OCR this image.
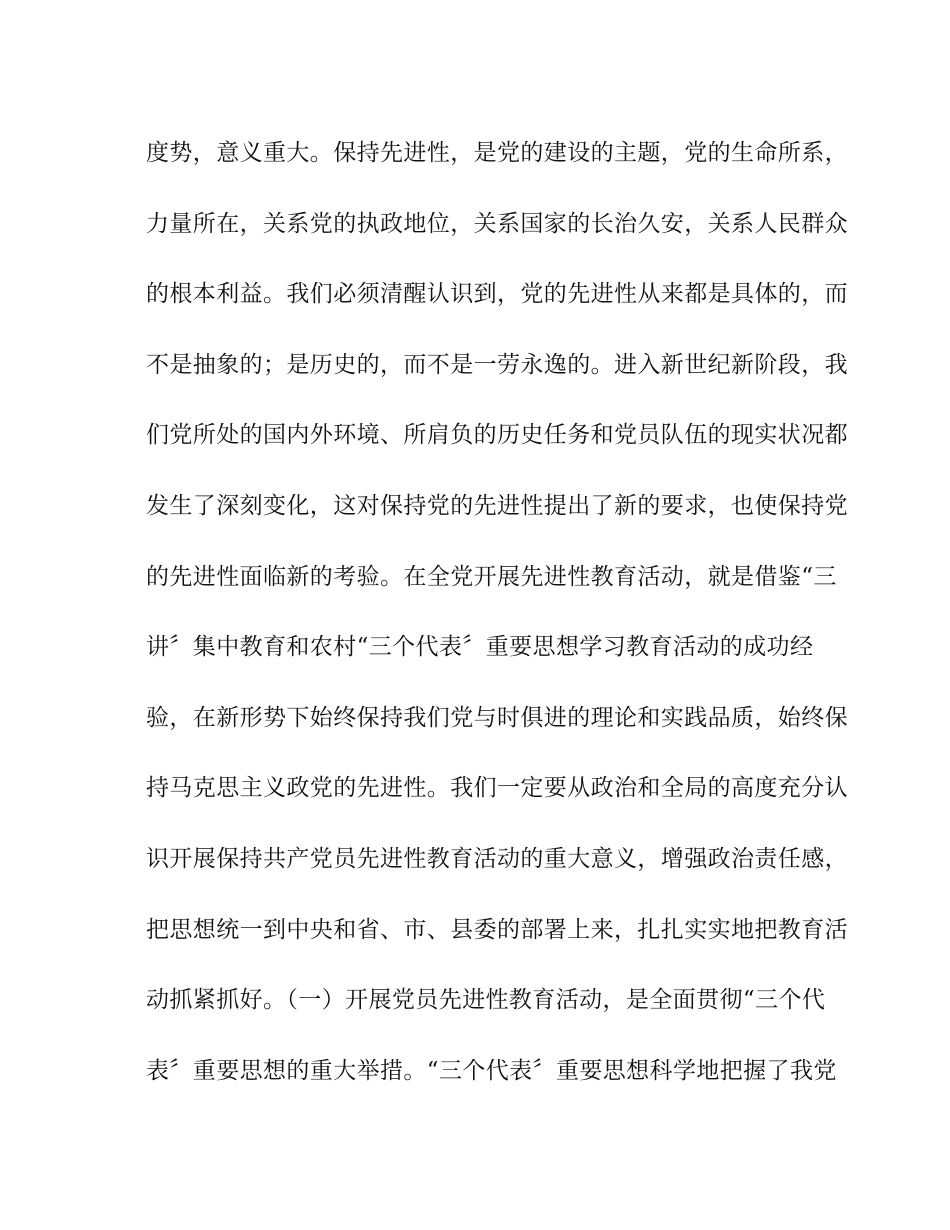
度势，意义重大。保持先进性，是党的建设的主题，党的生命所系，
力量所在，关系党的执政地位，关系国家的长治久安，关系人民群众
的根本利益。我们必须清醒认识到，党的先进性从来都是具体的，而
不是抽象的；是历史的，而不是一劳永逸的。进入新世纪新阶段，我
们党所处的国内外环境、所肩负的历史任务和党员队伍的现实状况都
发生了深刻变化，这对保持党的先进性提出了新的要求，也使保持党
的先进性面临新的考验。在全党开展先进性教育活动，就是借鉴“三
讲〞集中教育和农村“三个代表〞重要思想学习教育活动的成功经
验，在新形势下始终保持我们党与时俱进的理论和实践品质，始终保
持马克思主义政党的先进性。我们一定要从政治和全局的高度充分认
识开展保持共产党员先进性教育活动的重大意义，增强政治责任感，
把思想统一到中央和省、市、县委的部署上来，扎扎实实地把教育活
动抓紧抓好。（一）开展党员先进性教育活动，是全面贯彻“三个代
表〞重要思想的重大举措。“三个代表〞重要思想科学地把握了我党
